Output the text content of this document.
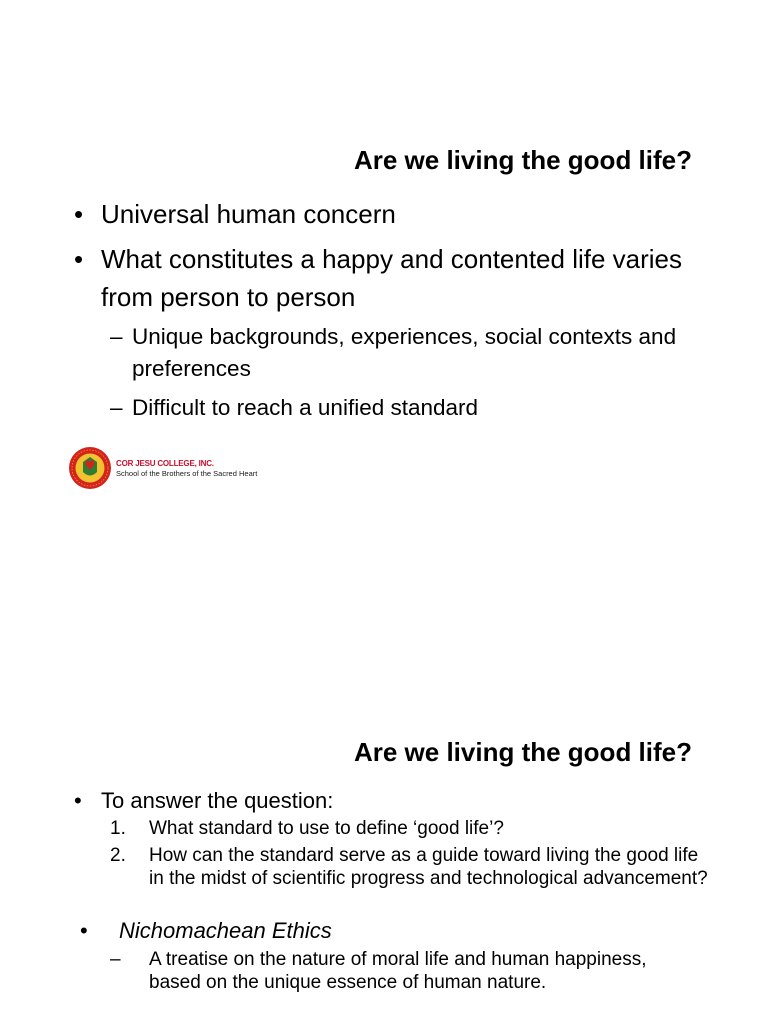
Are we living the good life?
• Universal human concern
• What constitutes a happy and contented life varies from person to person
– Unique backgrounds, experiences, social contexts and preferences
– Difficult to reach a unified standard
COR JESU COLLEGE, INC.
School of the Brothers of the Sacred Heart
Are we living the good life?
• To answer the question:
1. What standard to use to define ‘good life’?
2. How can the standard serve as a guide toward living the good life in the midst of scientific progress and technological advancement?
• Nichomachean Ethics
– A treatise on the nature of moral life and human happiness, based on the unique essence of human nature.
